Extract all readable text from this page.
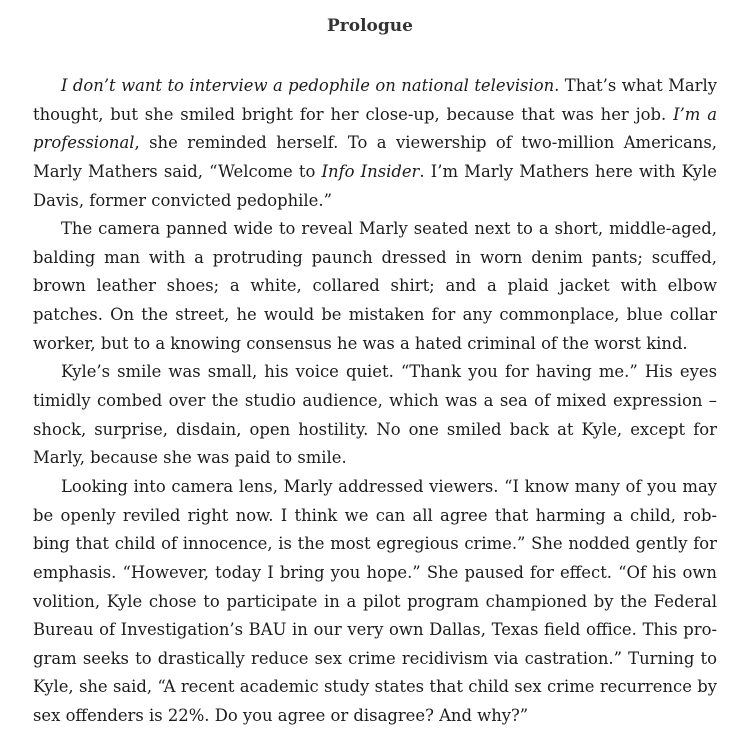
Prologue
I don’t want to interview a pedophile on national television. That’s what Marly
thought, but she smiled bright for her close-up, because that was her job. I’m a
professional, she reminded herself. To a viewership of two-million Americans,
Marly Mathers said, “Welcome to Info Insider. I’m Marly Mathers here with Kyle
Davis, former convicted pedophile.”
The camera panned wide to reveal Marly seated next to a short, middle-aged,
balding man with a protruding paunch dressed in worn denim pants; scuffed,
brown leather shoes; a white, collared shirt; and a plaid jacket with elbow
patches. On the street, he would be mistaken for any commonplace, blue collar
worker, but to a knowing consensus he was a hated criminal of the worst kind.
Kyle’s smile was small, his voice quiet. “Thank you for having me.” His eyes
timidly combed over the studio audience, which was a sea of mixed expression –
shock, surprise, disdain, open hostility. No one smiled back at Kyle, except for
Marly, because she was paid to smile.
Looking into camera lens, Marly addressed viewers. “I know many of you may
be openly reviled right now. I think we can all agree that harming a child, rob-
bing that child of innocence, is the most egregious crime.” She nodded gently for
emphasis. “However, today I bring you hope.” She paused for effect. “Of his own
volition, Kyle chose to participate in a pilot program championed by the Federal
Bureau of Investigation’s BAU in our very own Dallas, Texas field office. This pro-
gram seeks to drastically reduce sex crime recidivism via castration.” Turning to
Kyle, she said, “A recent academic study states that child sex crime recurrence by
sex offenders is 22%. Do you agree or disagree? And why?”
